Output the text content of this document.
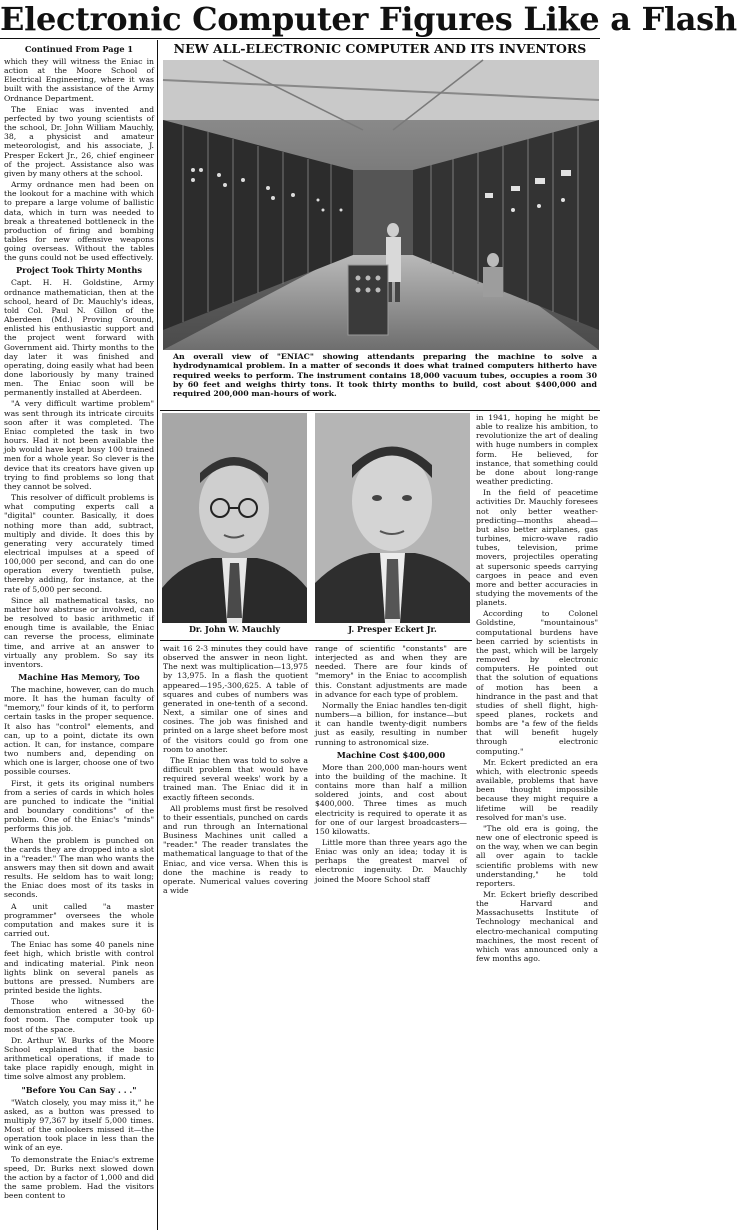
Electronic Computer Figures Like a Flash
Continued From Page 1

which they will witness the Eniac in action at the Moore School of Electrical Engineering, where it was built with the assistance of the Army Ordnance Department.

The Eniac was invented and perfected by two young scientists of the school, Dr. John William Mauchly, 38, a physicist and amateur meteorologist, and his associate, J. Presper Eckert Jr., 26, chief engineer of the project. Assistance also was given by many others at the school.

Army ordnance men had been on the lookout for a machine with which to prepare a large volume of ballistic data, which in turn was needed to break a threatened bottleneck in the production of firing and bombing tables for new offensive weapons going overseas. Without the tables the guns could not be used effectively.

Project Took Thirty Months

Capt. H. H. Goldstine, Army ordnance mathematician, then at the school, heard of Dr. Mauchly's ideas, told Col. Paul N. Gillon of the Aberdeen (Md.) Proving Ground, enlisted his enthusiastic support and the project went forward with Government aid. Thirty months to the day later it was finished and operating, doing easily what had been done laboriously by many trained men. The Eniac soon will be permanently installed at Aberdeen.

"A very difficult wartime problem" was sent through its intricate circuits soon after it was completed. The Eniac completed the task in two hours. Had it not been available the job would have kept busy 100 trained men for a whole year. So clever is the device that its creators have given up trying to find problems so long that they cannot be solved.

This resolver of difficult problems is what computing experts call a "digital" counter. Basically, it does nothing more than add, subtract, multiply and divide. It does this by generating very accurately timed electrical impulses at a speed of 100,000 per second, and can do one operation every twentieth pulse, thereby adding, for instance, at the rate of 5,000 per second.

Since all mathematical tasks, no matter how abstruse or involved, can be resolved to basic arithmetic if enough time is available, the Eniac can reverse the process, eliminate time, and arrive at an answer to virtually any problem. So say its inventors.

Machine Has Memory, Too

The machine, however, can do much more. It has the human faculty of "memory," four kinds of it, to perform certain tasks in the proper sequence. It also has "control" elements, and can, up to a point, dictate its own action. It can, for instance, compare two numbers and, depending on which one is larger, choose one of two possible courses.

First, it gets its original numbers from a series of cards in which holes are punched to indicate the "initial and boundary conditions" of the problem. One of the Eniac's "minds" performs this job.

When the problem is punched on the cards they are dropped into a slot in a "reader." The man who wants the answers may then sit down and await results. He seldom has to wait long; the Eniac does most of its tasks in seconds.

A unit called "a master programmer" oversees the whole computation and makes sure it is carried out.

The Eniac has some 40 panels nine feet high, which bristle with control and indicating material. Pink neon lights blink on several panels as buttons are pressed. Numbers are printed beside the lights.

Those who witnessed the demonstration entered a 30-by 60-foot room. The computer took up most of the space.

Dr. Arthur W. Burks of the Moore School explained that the basic arithmetical operations, if made to take place rapidly enough, might in time solve almost any problem.

"Before You Can Say . . ."

"Watch closely, you may miss it," he asked, as a button was pressed to multiply 97,367 by itself 5,000 times. Most of the onlookers missed it—the operation took place in less than the wink of an eye.

To demonstrate the Eniac's extreme speed, Dr. Burks next slowed down the action by a factor of 1,000 and did the same problem. Had the visitors been content to

NEW ALL-ELECTRONIC COMPUTER AND ITS INVENTORS
An overall view of "ENIAC" showing attendants preparing the machine to solve a hydrodynamical problem. In a matter of seconds it does what trained computers hitherto have required weeks to perform. The instrument contains 18,000 vacuum tubes, occupies a room 30 by 60 feet and weighs thirty tons. It took thirty months to build, cost about $400,000 and required 200,000 man-hours of work.
Dr. John W. Mauchly	J. Presper Eckert Jr.

in 1941, hoping he might be able to realize his ambition, to revolutionize the art of dealing with huge numbers in complex form. He believed, for instance, that something could be done about long-range weather predicting.

In the field of peacetime activities Dr. Mauchly foresees not only better weather-predicting—months ahead—but also better airplanes, gas turbines, micro-wave radio tubes, television, prime movers, projectiles operating at supersonic speeds carrying cargoes in peace and even more and better accuracies in studying the movements of the planets.

According to Colonel Goldstine, "mountainous" computational burdens have been carried by scientists in the past, which will be largely removed by electronic computers. He pointed out that the solution of equations of motion has been a hindrance in the past and that studies of shell flight, high-speed planes, rockets and bombs are "a few of the fields that will benefit hugely through electronic computing."

Mr. Eckert predicted an era which, with electronic speeds available, problems that have been thought impossible because they might require a lifetime will be readily resolved for man's use.

"The old era is going, the new one of electronic speed is on the way, when we can begin all over again to tackle scientific problems with new understanding," he told reporters.

Mr. Eckert briefly described the Harvard and Massachusetts Institute of Technology mechanical and electro-mechanical computing machines, the most recent of which was announced only a few months ago.

wait 16 2-3 minutes they could have observed the answer in neon light. The next was multiplication—13,975 by 13,975. In a flash the quotient appeared—195,-300,625. A table of squares and cubes of numbers was generated in one-tenth of a second. Next, a similar one of sines and cosines. The job was finished and printed on a large sheet before most of the visitors could go from one room to another.

The Eniac then was told to solve a difficult problem that would have required several weeks' work by a trained man. The Eniac did it in exactly fifteen seconds.

All problems must first be resolved to their essentials, punched on cards and run through an International Business Machines unit called a "reader." The reader translates the mathematical language to that of the Eniac, and vice versa. When this is done the machine is ready to operate. Numerical values covering a wide

range of scientific "constants" are interjected as and when they are needed. There are four kinds of "memory" in the Eniac to accomplish this. Constant adjustments are made in advance for each type of problem.

Normally the Eniac handles ten-digit numbers—a billion, for instance—but it can handle twenty-digit numbers just as easily, resulting in number running to astronomical size.

Machine Cost $400,000

More than 200,000 man-hours went into the building of the machine. It contains more than half a million soldered joints, and cost about $400,000. Three times as much electricity is required to operate it as for one of our largest broadcasters—150 kilowatts.

Little more than three years ago the Eniac was only an idea; today it is perhaps the greatest marvel of electronic ingenuity. Dr. Mauchly joined the Moore School staff
